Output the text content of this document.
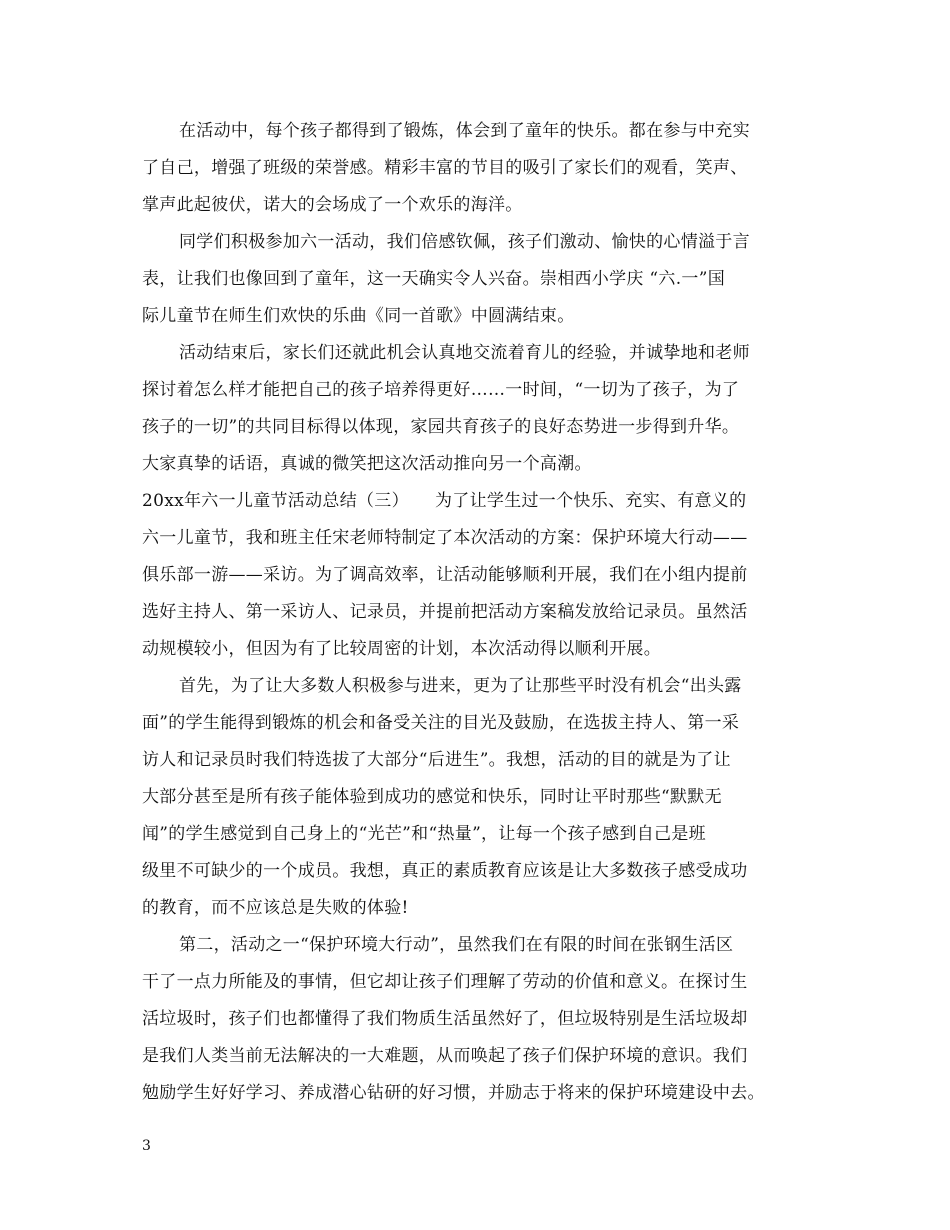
在活动中，每个孩子都得到了锻炼，体会到了童年的快乐。都在参与中充实
了自己，增强了班级的荣誉感。精彩丰富的节目的吸引了家长们的观看，笑声、
掌声此起彼伏，诺大的会场成了一个欢乐的海洋。
同学们积极参加六一活动，我们倍感钦佩，孩子们激动、愉快的心情溢于言
表，让我们也像回到了童年，这一天确实令人兴奋。崇相西小学庆 “六.一”国
际儿童节在师生们欢快的乐曲《同一首歌》中圆满结束。
活动结束后，家长们还就此机会认真地交流着育儿的经验，并诚挚地和老师
探讨着怎么样才能把自己的孩子培养得更好……一时间，“一切为了孩子，为了
孩子的一切”的共同目标得以体现，家园共育孩子的良好态势进一步得到升华。
大家真挚的话语，真诚的微笑把这次活动推向另一个高潮。
20xx年六一儿童节活动总结（三）　　为了让学生过一个快乐、充实、有意义的
六一儿童节，我和班主任宋老师特制定了本次活动的方案：保护环境大行动——
俱乐部一游——采访。为了调高效率，让活动能够顺利开展，我们在小组内提前
选好主持人、第一采访人、记录员，并提前把活动方案稿发放给记录员。虽然活
动规模较小，但因为有了比较周密的计划，本次活动得以顺利开展。
首先，为了让大多数人积极参与进来，更为了让那些平时没有机会“出头露
面”的学生能得到锻炼的机会和备受关注的目光及鼓励，在选拔主持人、第一采
访人和记录员时我们特选拔了大部分“后进生”。我想，活动的目的就是为了让
大部分甚至是所有孩子能体验到成功的感觉和快乐，同时让平时那些“默默无
闻”的学生感觉到自己身上的“光芒”和“热量”，让每一个孩子感到自己是班
级里不可缺少的一个成员。我想，真正的素质教育应该是让大多数孩子感受成功
的教育，而不应该总是失败的体验!
第二，活动之一“保护环境大行动”，虽然我们在有限的时间在张钢生活区
干了一点力所能及的事情，但它却让孩子们理解了劳动的价值和意义。在探讨生
活垃圾时，孩子们也都懂得了我们物质生活虽然好了，但垃圾特别是生活垃圾却
是我们人类当前无法解决的一大难题，从而唤起了孩子们保护环境的意识。我们
勉励学生好好学习、养成潜心钻研的好习惯，并励志于将来的保护环境建设中去。
3
